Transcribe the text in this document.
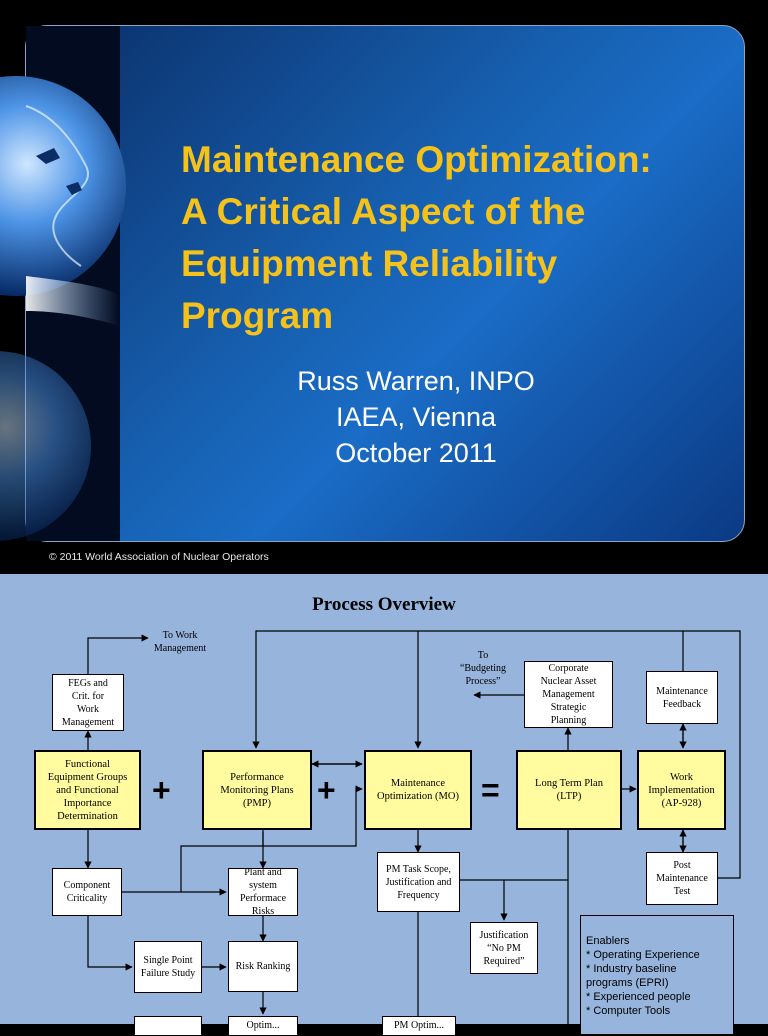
Maintenance Optimization:
A Critical Aspect of the
Equipment Reliability
Program

Russ Warren, INPO

IAEA, Vienna

October 2011

© 2011 World Association of Nuclear Operators

Process Overview

To Work
Management

To
“Budgeting
Process”

FEGs and
Crit. for
Work
Management
Corporate
Nuclear Asset
Management
Strategic
Planning
Maintenance
Feedback
Functional
Equipment Groups
and Functional
Importance
Determination

+	Performance
Monitoring Plans
(PMP)	+	Maintenance
Optimization (MO) =	Long Term Plan
(LTP)
Work
Implementation
(AP-928)
Component
Criticality
Plant and
system
Performace
Risks
PM Task Scope,
Justification and
Frequency
Post
Maintenance
Test
Justification
“No PM
Required”
Single Point
Failure Study
Risk Ranking
Optim...	PM Optim...
Enablers
* Operating Experience
* Industry baseline
programs (EPRI)
* Experienced people
* Computer Tools
